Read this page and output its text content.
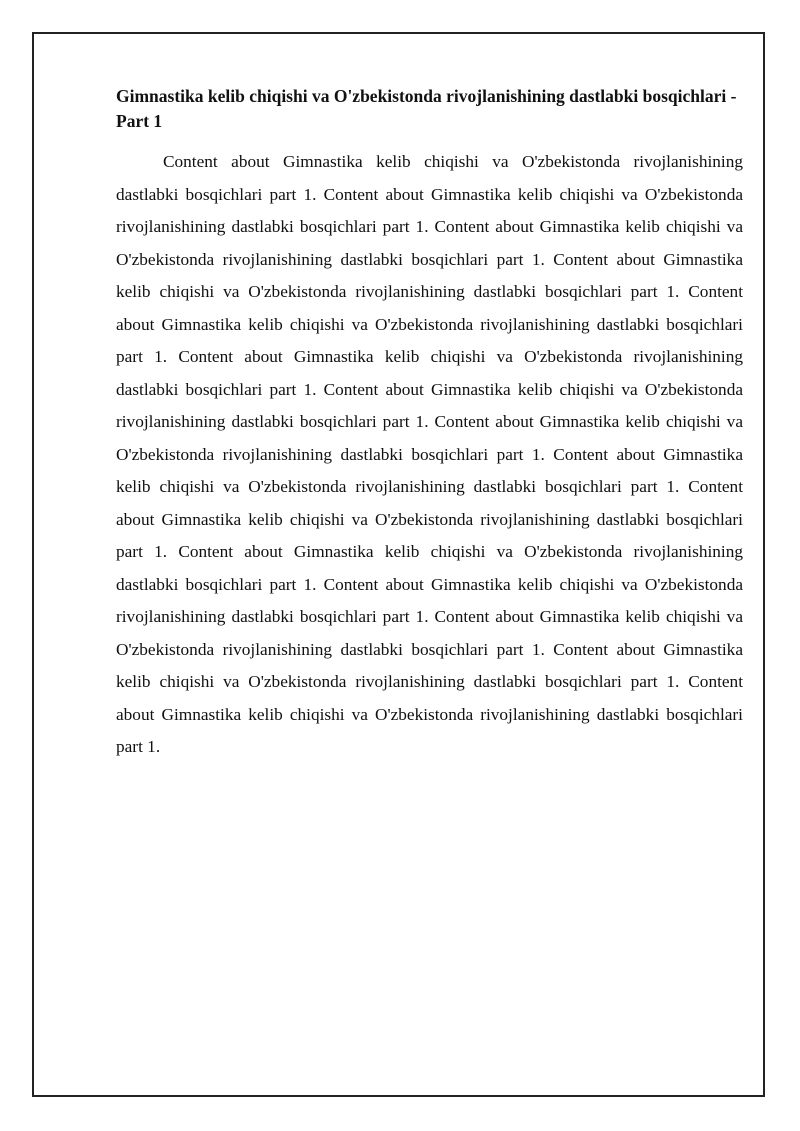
Gimnastika kelib chiqishi va O'zbekistonda rivojlanishining dastlabki bosqichlari - Part 1

Content about Gimnastika kelib chiqishi va O'zbekistonda rivojlanishining dastlabki bosqichlari part 1. Content about Gimnastika kelib chiqishi va O'zbekistonda rivojlanishining dastlabki bosqichlari part 1. Content about Gimnastika kelib chiqishi va O'zbekistonda rivojlanishining dastlabki bosqichlari part 1. Content about Gimnastika kelib chiqishi va O'zbekistonda rivojlanishining dastlabki bosqichlari part 1. Content about Gimnastika kelib chiqishi va O'zbekistonda rivojlanishining dastlabki bosqichlari part 1. Content about Gimnastika kelib chiqishi va O'zbekistonda rivojlanishining dastlabki bosqichlari part 1. Content about Gimnastika kelib chiqishi va O'zbekistonda rivojlanishining dastlabki bosqichlari part 1. Content about Gimnastika kelib chiqishi va O'zbekistonda rivojlanishining dastlabki bosqichlari part 1. Content about Gimnastika kelib chiqishi va O'zbekistonda rivojlanishining dastlabki bosqichlari part 1. Content about Gimnastika kelib chiqishi va O'zbekistonda rivojlanishining dastlabki bosqichlari part 1. Content about Gimnastika kelib chiqishi va O'zbekistonda rivojlanishining dastlabki bosqichlari part 1. Content about Gimnastika kelib chiqishi va O'zbekistonda rivojlanishining dastlabki bosqichlari part 1. Content about Gimnastika kelib chiqishi va O'zbekistonda rivojlanishining dastlabki bosqichlari part 1. Content about Gimnastika kelib chiqishi va O'zbekistonda rivojlanishining dastlabki bosqichlari part 1. Content about Gimnastika kelib chiqishi va O'zbekistonda rivojlanishining dastlabki bosqichlari part 1.
